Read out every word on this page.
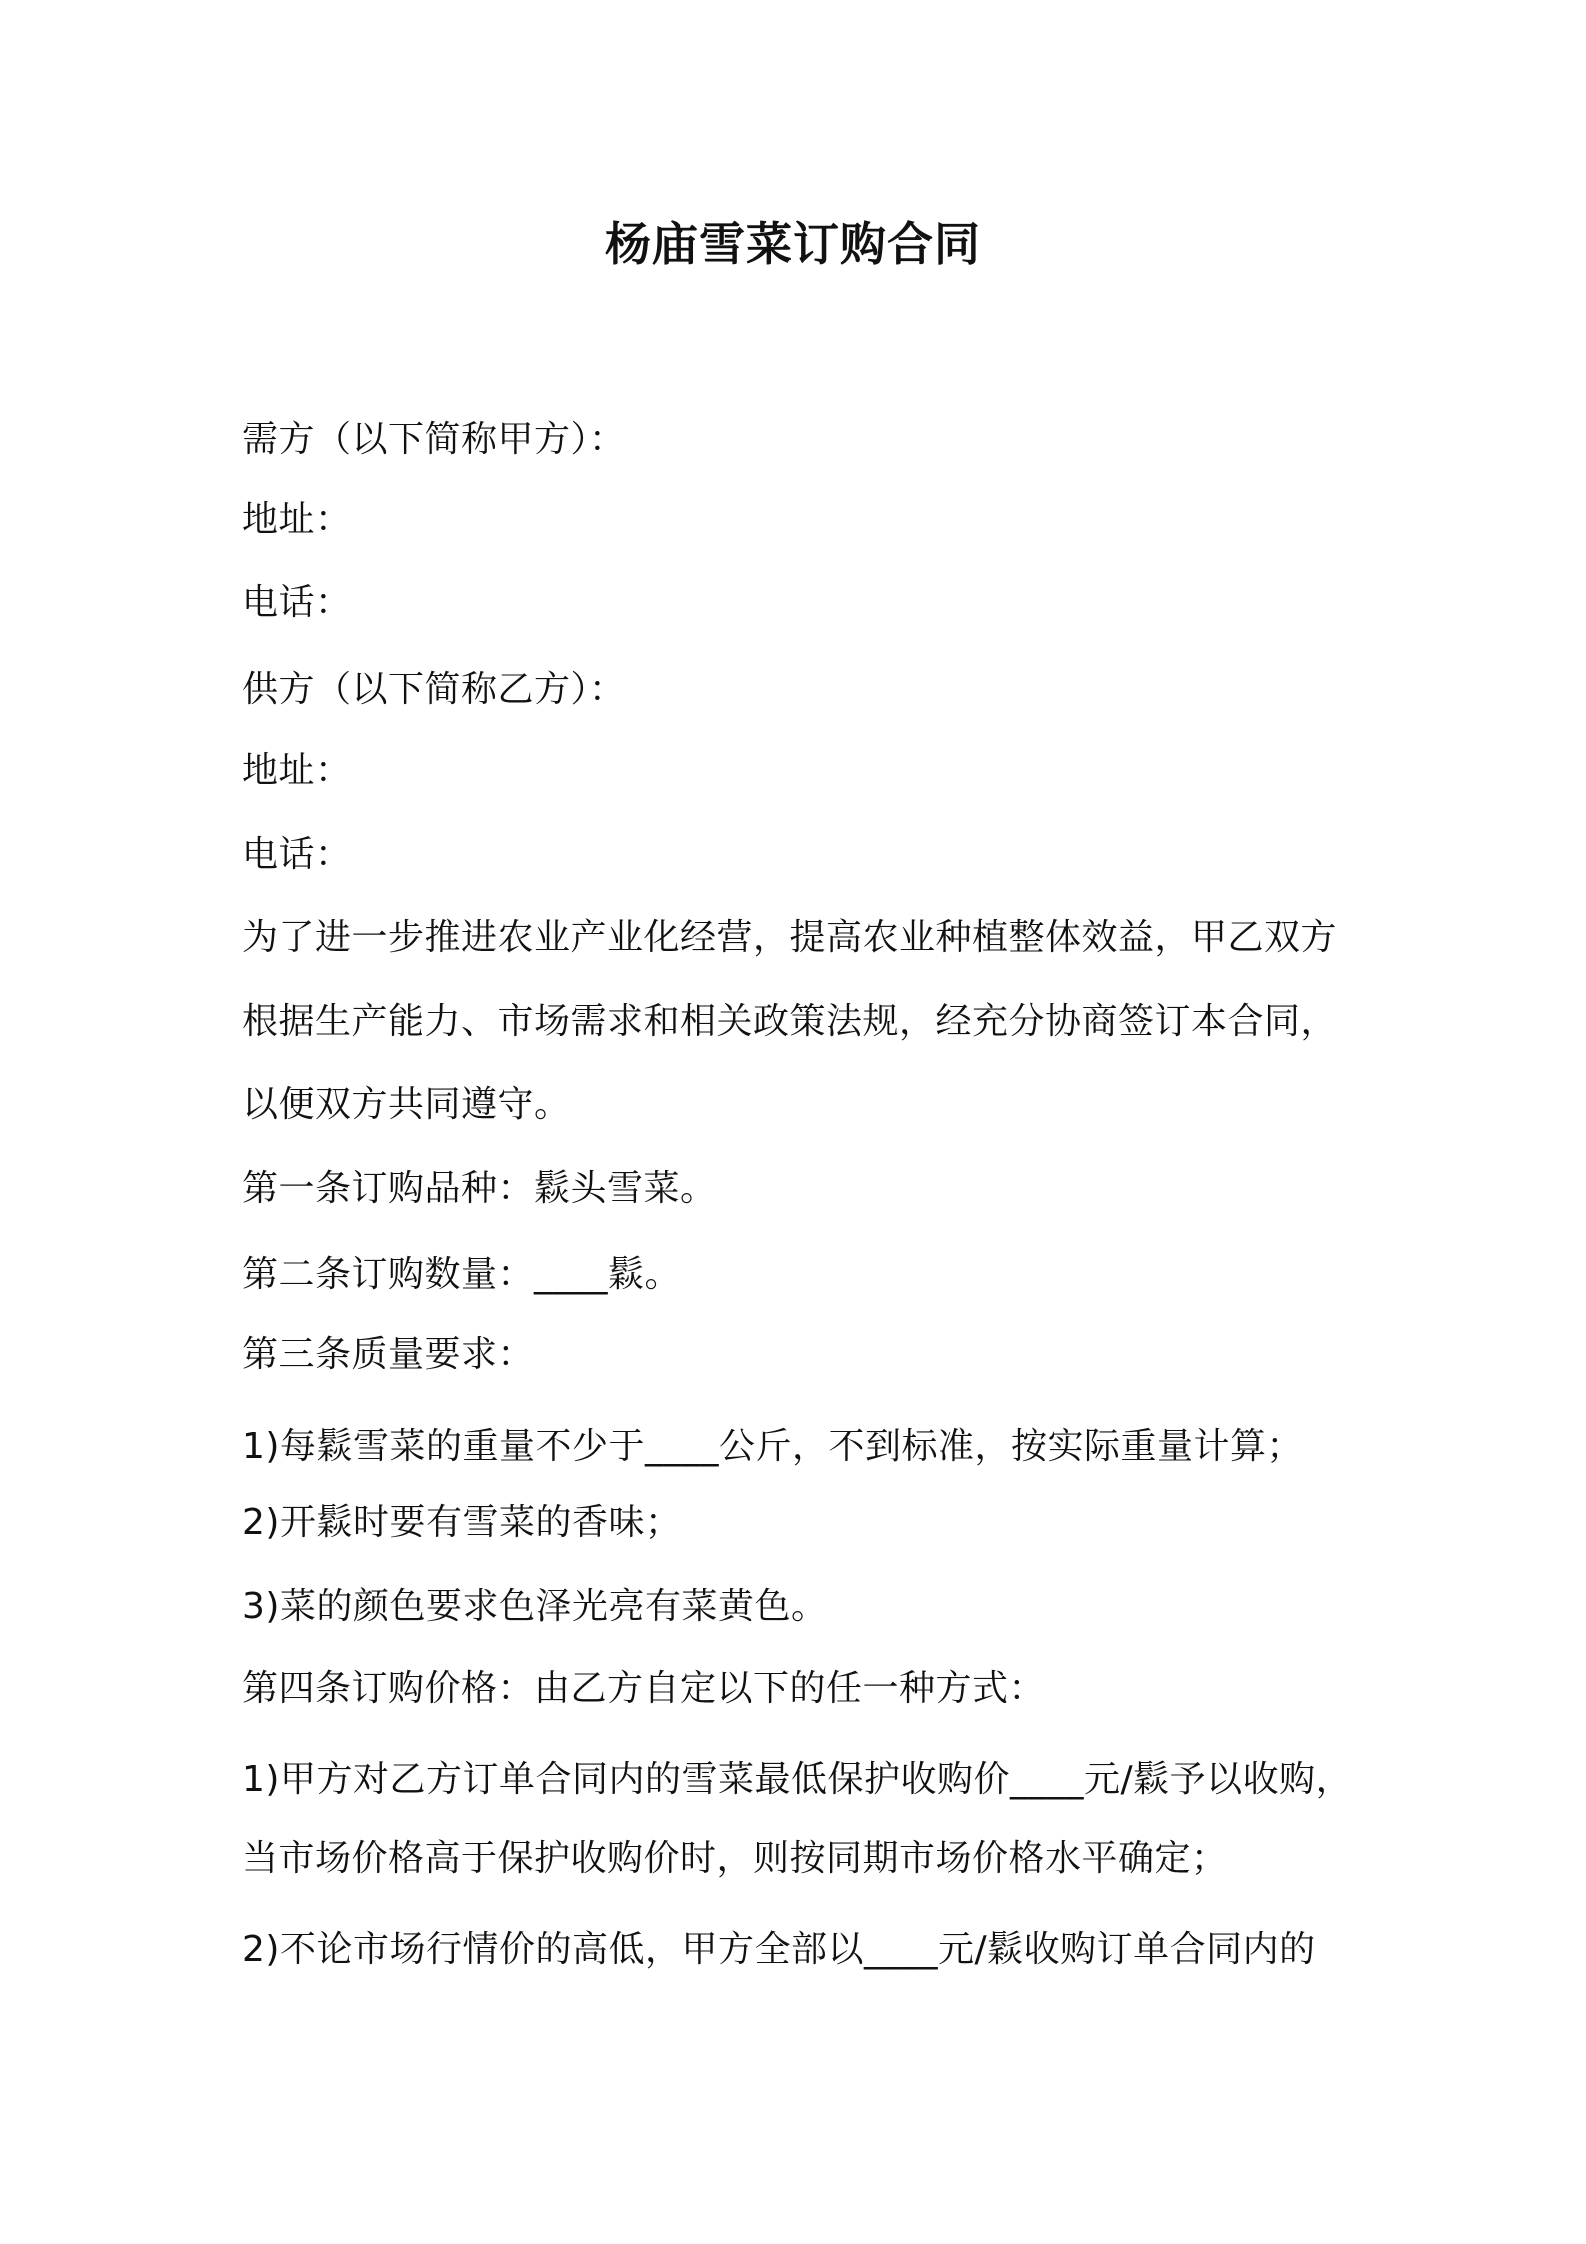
杨庙雪菜订购合同
需方（以下简称甲方）：
地址：
电话：
供方（以下简称乙方）：
地址：
电话：
为了进一步推进农业产业化经营，提高农业种植整体效益，甲乙双方
根据生产能力、市场需求和相关政策法规，经充分协商签订本合同，
以便双方共同遵守。
第一条订购品种：鬏头雪菜。
第二条订购数量：____鬏。
第三条质量要求：
1)每鬏雪菜的重量不少于____公斤，不到标准，按实际重量计算；
2)开鬏时要有雪菜的香味；
3)菜的颜色要求色泽光亮有菜黄色。
第四条订购价格：由乙方自定以下的任一种方式：
1)甲方对乙方订单合同内的雪菜最低保护收购价____元/鬏予以收购，
当市场价格高于保护收购价时，则按同期市场价格水平确定；
2)不论市场行情价的高低，甲方全部以____元/鬏收购订单合同内的
